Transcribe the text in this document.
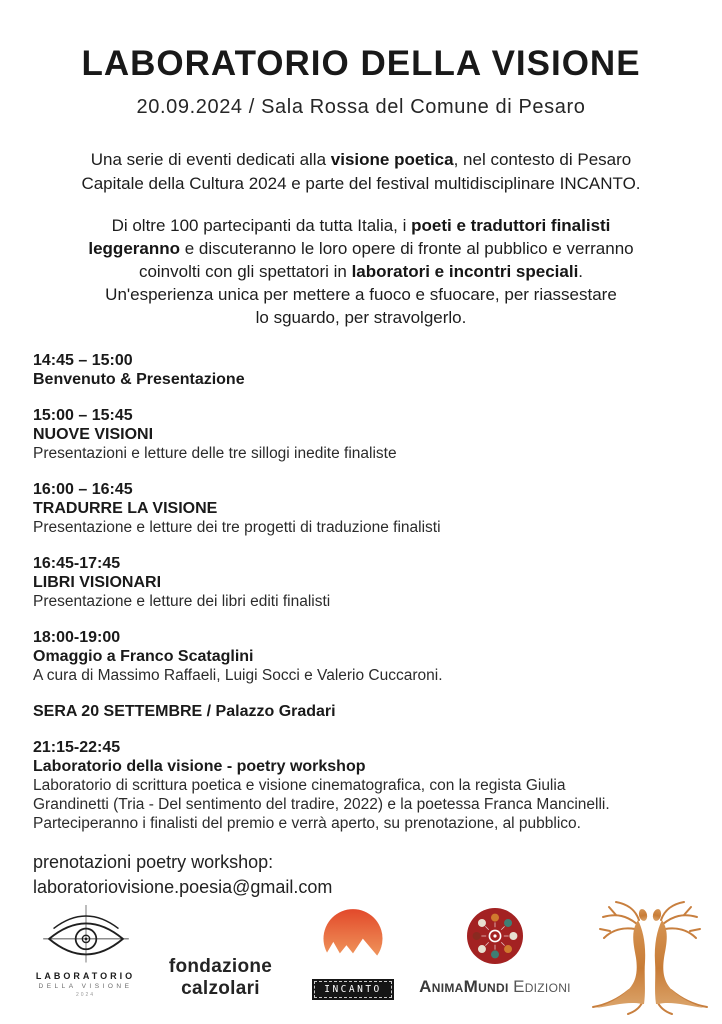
LABORATORIO DELLA VISIONE
20.09.2024 / Sala Rossa del Comune di Pesaro

Una serie di eventi dedicati alla visione poetica, nel contesto di Pesaro
Capitale della Cultura 2024 e parte del festival multidisciplinare INCANTO.

Di oltre 100 partecipanti da tutta Italia, i poeti e traduttori finalisti
leggeranno e discuteranno le loro opere di fronte al pubblico e verranno
coinvolti con gli spettatori in laboratori e incontri speciali.
Un'esperienza unica per mettere a fuoco e sfuocare, per riassestare
lo sguardo, per stravolgerlo.

14:45 – 15:00
Benvenuto & Presentazione
15:00 – 15:45
NUOVE VISIONI
Presentazioni e letture delle tre sillogi inedite finaliste
16:00 – 16:45
TRADURRE LA VISIONE
Presentazione e letture dei tre progetti di traduzione finalisti
16:45-17:45
LIBRI VISIONARI
Presentazione e letture dei libri editi finalisti
18:00-19:00
Omaggio a Franco Scataglini
A cura di Massimo Raffaeli, Luigi Socci e Valerio Cuccaroni.
SERA 20 SETTEMBRE / Palazzo Gradari
21:15-22:45
Laboratorio della visione - poetry workshop
Laboratorio di scrittura poetica e visione cinematografica, con la regista Giulia
Grandinetti (Tria - Del sentimento del tradire, 2022) e la poetessa Franca Mancinelli.
Parteciperanno i finalisti del premio e verrà aperto, su prenotazione, al pubblico.
prenotazioni poetry workshop:
laboratoriovisione.poesia@gmail.com
LABORATORIO
DELLA VISIONE
2024
fondazione calzolari
	INCANTO	AnimaMundi Edizioni
